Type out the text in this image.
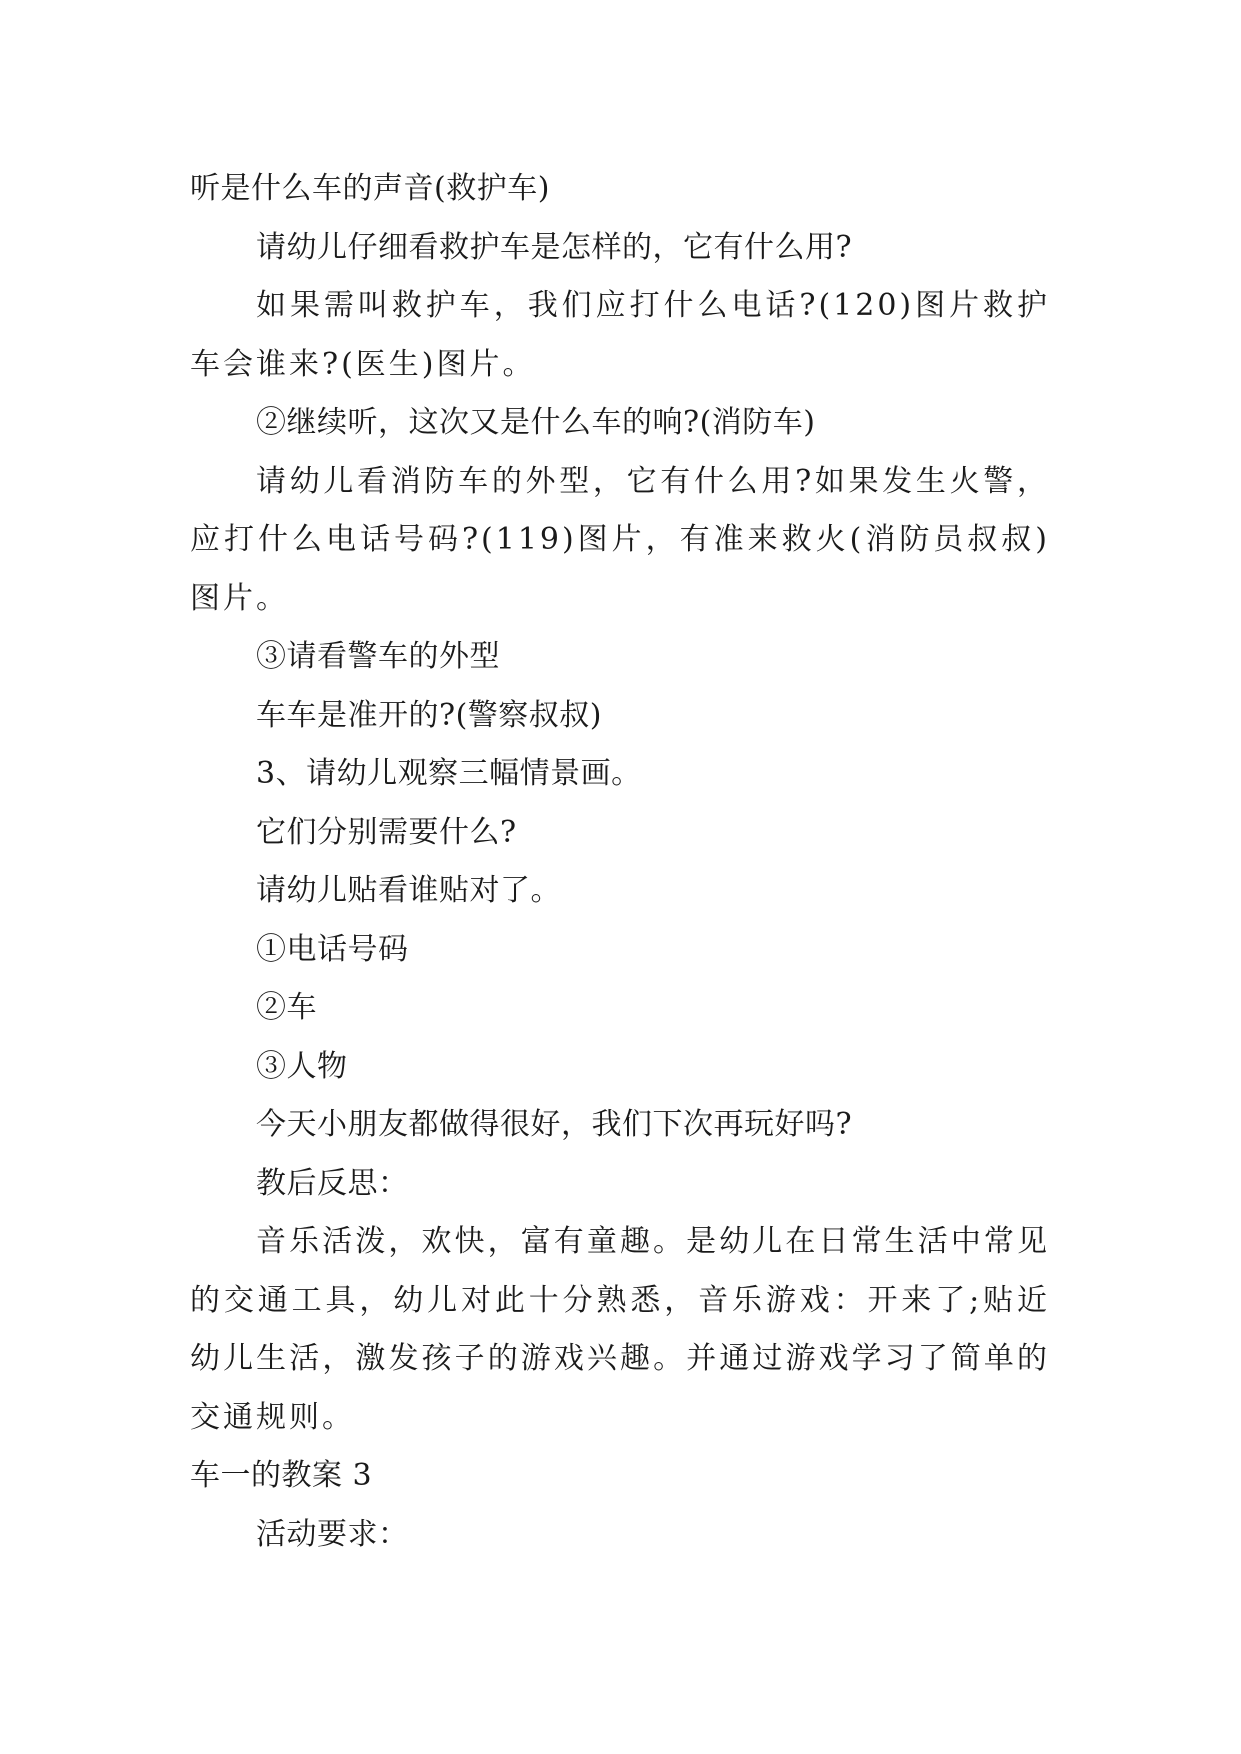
听是什么车的声音(救护车)
请幼儿仔细看救护车是怎样的，它有什么用?
如果需叫救护车，我们应打什么电话?(120)图片救护车会谁来?(医生)图片。
②继续听，这次又是什么车的响?(消防车)
请幼儿看消防车的外型，它有什么用?如果发生火警，应打什么电话号码?(119)图片，有准来救火(消防员叔叔)图片。
③请看警车的外型
车车是准开的?(警察叔叔)
3、请幼儿观察三幅情景画。
它们分别需要什么?
请幼儿贴看谁贴对了。
①电话号码
②车
③人物
今天小朋友都做得很好，我们下次再玩好吗?
教后反思：
音乐活泼，欢快，富有童趣。是幼儿在日常生活中常见的交通工具，幼儿对此十分熟悉，音乐游戏：开来了;贴近幼儿生活，激发孩子的游戏兴趣。并通过游戏学习了简单的交通规则。
车一的教案 3
活动要求：
